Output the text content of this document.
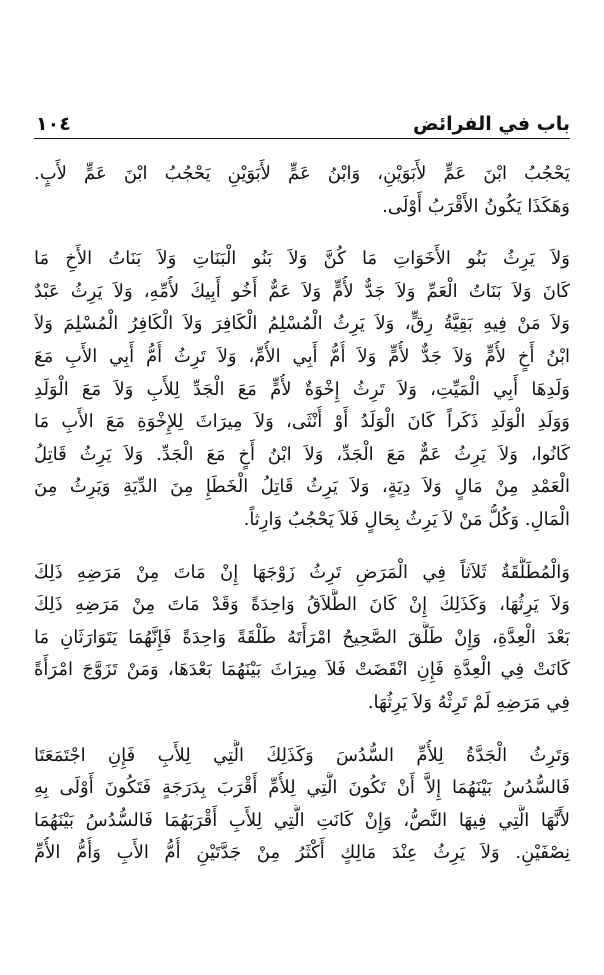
باب في الفرائض
١٠٤
يَحْجُبُ ابْنَ عَمٍّ لأَبَوَيْنِ، وَابْنُ عَمٍّ لأَبَوَيْنِ يَحْجُبُ ابْنَ عَمٍّ لأَبٍ.
وَهَكَذَا يَكُونُ الأَقْرَبُ أَوْلَى.
وَلاَ يَرِثُ بَنُو الأَخَوَاتِ مَا كُنَّ وَلاَ بَنُو الْبَنَاتِ وَلاَ بَنَاتُ الأَخِ مَا
كَانَ وَلاَ بَنَاتُ الْعَمِّ وَلاَ جَدٌّ لأُمٍّ وَلاَ عَمٌّ أَخُو أَبِيكَ لأُمِّهِ، وَلاَ يَرِثُ عَبْدٌ
وَلاَ مَنْ فِيهِ بَقِيَّةُ رِقٍّ، وَلاَ يَرِثُ الْمُسْلِمُ الْكَافِرَ وَلاَ الْكَافِرُ الْمُسْلِمَ وَلاَ
ابْنُ أَخٍ لأُمٍّ وَلاَ جَدٌّ لأُمٍّ وَلاَ أُمُّ أَبِي الأُمِّ، وَلاَ تَرِثُ أُمُّ أَبِي الأَبِ مَعَ
وَلَدِهَا أَبِي الْمَيِّتِ، وَلاَ تَرِثُ إِخْوَةٌ لأُمٍّ مَعَ الْجَدِّ لِلأَبِ وَلاَ مَعَ الْوَلَدِ
وَوَلَدِ الْوَلَدِ ذَكَراً كَانَ الْوَلَدُ أَوْ أُنْثَى، وَلاَ مِيرَاثَ لِلإِخْوَةِ مَعَ الأَبِ مَا
كَانُوا، وَلاَ يَرِثُ عَمٌّ مَعَ الْجَدِّ، وَلاَ ابْنُ أَخٍ مَعَ الْجَدِّ. وَلاَ يَرِثُ قَاتِلُ
الْعَمْدِ مِنْ مَالٍ وَلاَ دِيَةٍ، وَلاَ يَرِثُ قَاتِلُ الْخَطَإِ مِنَ الدِّيَةِ وَيَرِثُ مِنَ
الْمَالِ. وَكُلُّ مَنْ لاَ يَرِثُ بِحَالٍ فَلاَ يَحْجُبُ وَارِثاً.
وَالْمُطَلَّقَةُ ثَلاَثاً فِي الْمَرَضِ تَرِثُ زَوْجَهَا إِنْ مَاتَ مِنْ مَرَضِهِ ذَلِكَ
وَلاَ يَرِثُهَا، وَكَذَلِكَ إِنْ كَانَ الطَّلاَقُ وَاحِدَةً وَقَدْ مَاتَ مِنْ مَرَضِهِ ذَلِكَ
بَعْدَ الْعِدَّةِ، وَإِنْ طَلَّقَ الصَّحِيحُ امْرَأَتَهُ طَلْقَةً وَاحِدَةً فَإِنَّهُمَا يَتَوَارَثَانِ مَا
كَانَتْ فِي الْعِدَّةِ فَإِنِ انْقَضَتْ فَلاَ مِيرَاثَ بَيْنَهُمَا بَعْدَهَا، وَمَنْ تَزَوَّجَ امْرَأَةً
فِي مَرَضِهِ لَمْ تَرِثْهُ وَلاَ يَرِثُهَا.
وَتَرِثُ الْجَدَّةُ لِلأُمِّ السُّدُسَ وَكَذَلِكَ الَّتِي لِلأَبِ فَإِنِ اجْتَمَعَتَا
فَالسُّدُسُ بَيْنَهُمَا إِلاَّ أَنْ تَكُونَ الَّتِي لِلأُمِّ أَقْرَبَ بِدَرَجَةٍ فَتَكُونَ أَوْلَى بِهِ
لأَنَّهَا الَّتِي فِيهَا النَّصُّ، وَإِنْ كَانَتِ الَّتِي لِلأَبِ أَقْرَبَهُمَا فَالسُّدُسُ بَيْنَهُمَا
نِصْفَيْنِ. وَلاَ يَرِثُ عِنْدَ مَالِكٍ أَكْثَرُ مِنْ جَدَّتَيْنِ أُمُّ الأَبِ وَأُمُّ الأُمِّ
